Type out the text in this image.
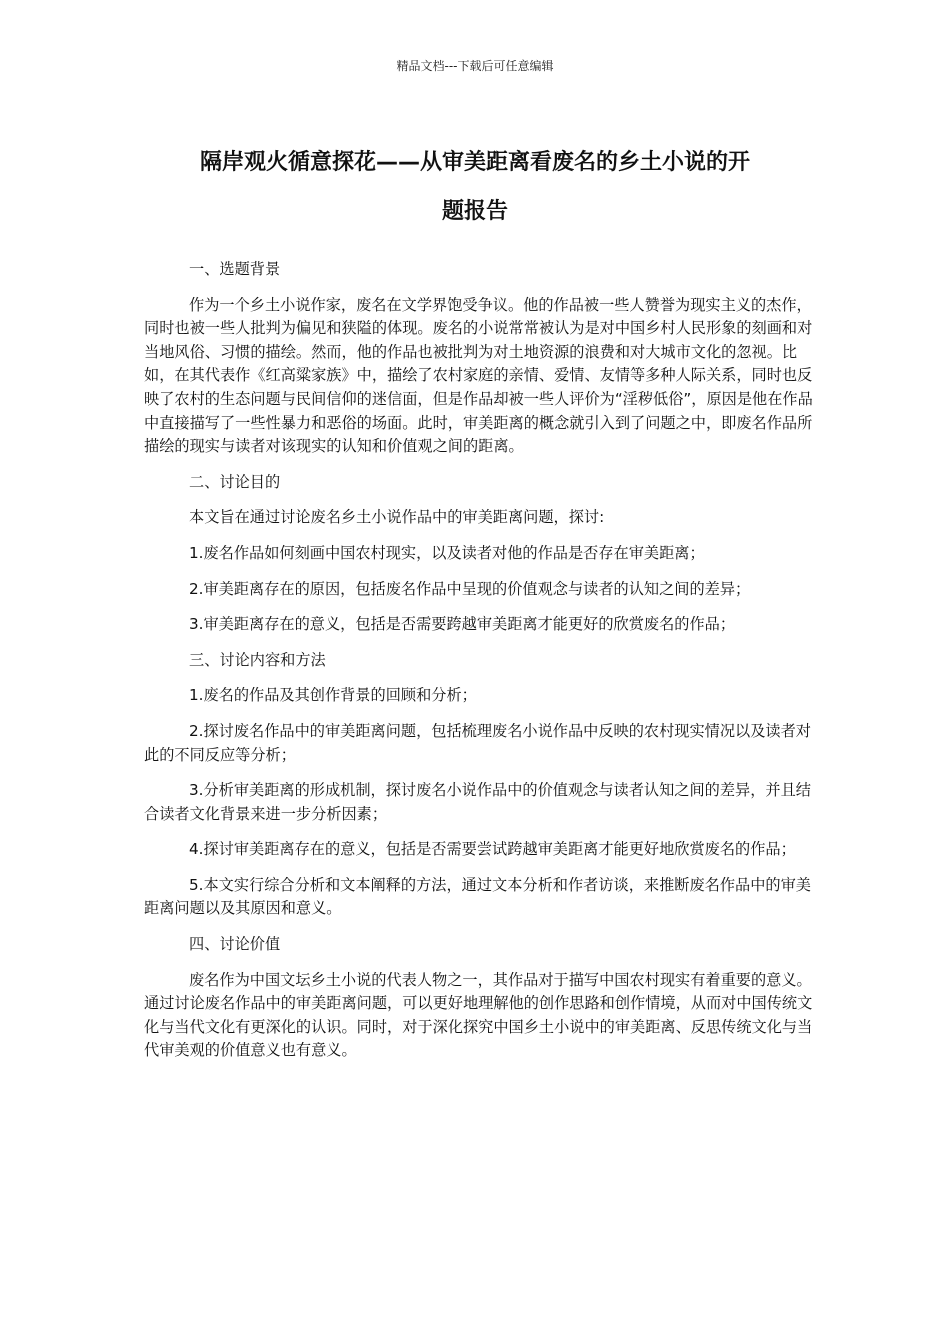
精品文档---下载后可任意编辑
隔岸观火循意探花——从审美距离看废名的乡土小说的开
题报告

一、选题背景

作为一个乡土小说作家，废名在文学界饱受争议。他的作品被一些人赞誉为现实主义的杰作，同时也被一些人批判为偏见和狭隘的体现。废名的小说常常被认为是对中国乡村人民形象的刻画和对当地风俗、习惯的描绘。然而，他的作品也被批判为对土地资源的浪费和对大城市文化的忽视。比如，在其代表作《红高粱家族》中，描绘了农村家庭的亲情、爱情、友情等多种人际关系，同时也反映了农村的生态问题与民间信仰的迷信面，但是作品却被一些人评价为“淫秽低俗”，原因是他在作品中直接描写了一些性暴力和恶俗的场面。此时，审美距离的概念就引入到了问题之中，即废名作品所描绘的现实与读者对该现实的认知和价值观之间的距离。

二、讨论目的

本文旨在通过讨论废名乡土小说作品中的审美距离问题，探讨:

1.废名作品如何刻画中国农村现实，以及读者对他的作品是否存在审美距离；

2.审美距离存在的原因，包括废名作品中呈现的价值观念与读者的认知之间的差异；

3.审美距离存在的意义，包括是否需要跨越审美距离才能更好的欣赏废名的作品；

三、讨论内容和方法

1.废名的作品及其创作背景的回顾和分析；

2.探讨废名作品中的审美距离问题，包括梳理废名小说作品中反映的农村现实情况以及读者对此的不同反应等分析；

3.分析审美距离的形成机制，探讨废名小说作品中的价值观念与读者认知之间的差异，并且结合读者文化背景来进一步分析因素；

4.探讨审美距离存在的意义，包括是否需要尝试跨越审美距离才能更好地欣赏废名的作品；

5.本文实行综合分析和文本阐释的方法，通过文本分析和作者访谈，来推断废名作品中的审美距离问题以及其原因和意义。

四、讨论价值

废名作为中国文坛乡土小说的代表人物之一，其作品对于描写中国农村现实有着重要的意义。通过讨论废名作品中的审美距离问题，可以更好地理解他的创作思路和创作情境，从而对中国传统文化与当代文化有更深化的认识。同时，对于深化探究中国乡土小说中的审美距离、反思传统文化与当代审美观的价值意义也有意义。
